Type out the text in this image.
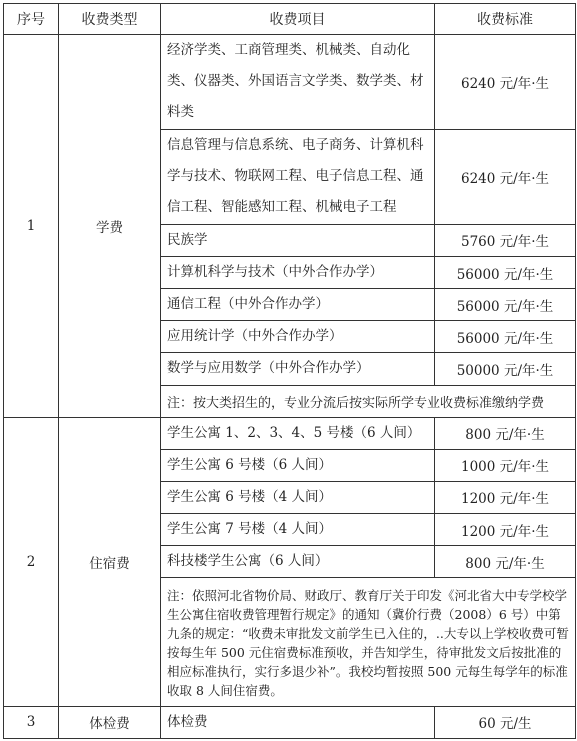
序号	收费类型	收费项目	收费标准
1	学费	经济学类、工商管理类、机械类、自动化类、仪器类、外国语言文学类、数学类、材料类	6240 元/年·生
		信息管理与信息系统、电子商务、计算机科学与技术、物联网工程、电子信息工程、通信工程、智能感知工程、机械电子工程	6240 元/年·生
		民族学	5760 元/年·生
		计算机科学与技术（中外合作办学）	56000 元/年·生
		通信工程（中外合作办学）	56000 元/年·生
		应用统计学（中外合作办学）	56000 元/年·生
		数学与应用数学（中外合作办学）	50000 元/年·生
		注：按大类招生的，专业分流后按实际所学专业收费标准缴纳学费	
2	住宿费	学生公寓 1、2、3、4、5 号楼（6 人间）	800 元/年·生
		学生公寓 6 号楼（6 人间）	1000 元/年·生
		学生公寓 6 号楼（4 人间）	1200 元/年·生
		学生公寓 7 号楼（4 人间）	1200 元/年·生
		科技楼学生公寓（6 人间）	800 元/年·生
		注：依照河北省物价局、财政厅、教育厅关于印发《河北省大中专学校学生公寓住宿收费管理暂行规定》的通知（冀价行费（2008）6 号）中第九条的规定：“收费未审批发文前学生已入住的，..大专以上学校收费可暂按每生年 500 元住宿费标准预收，并告知学生，待审批发文后按批准的相应标准执行，实行多退少补”。我校均暂按照 500 元每生每学年的标准收取 8 人间住宿费。	
3	体检费	体检费	60 元/生
